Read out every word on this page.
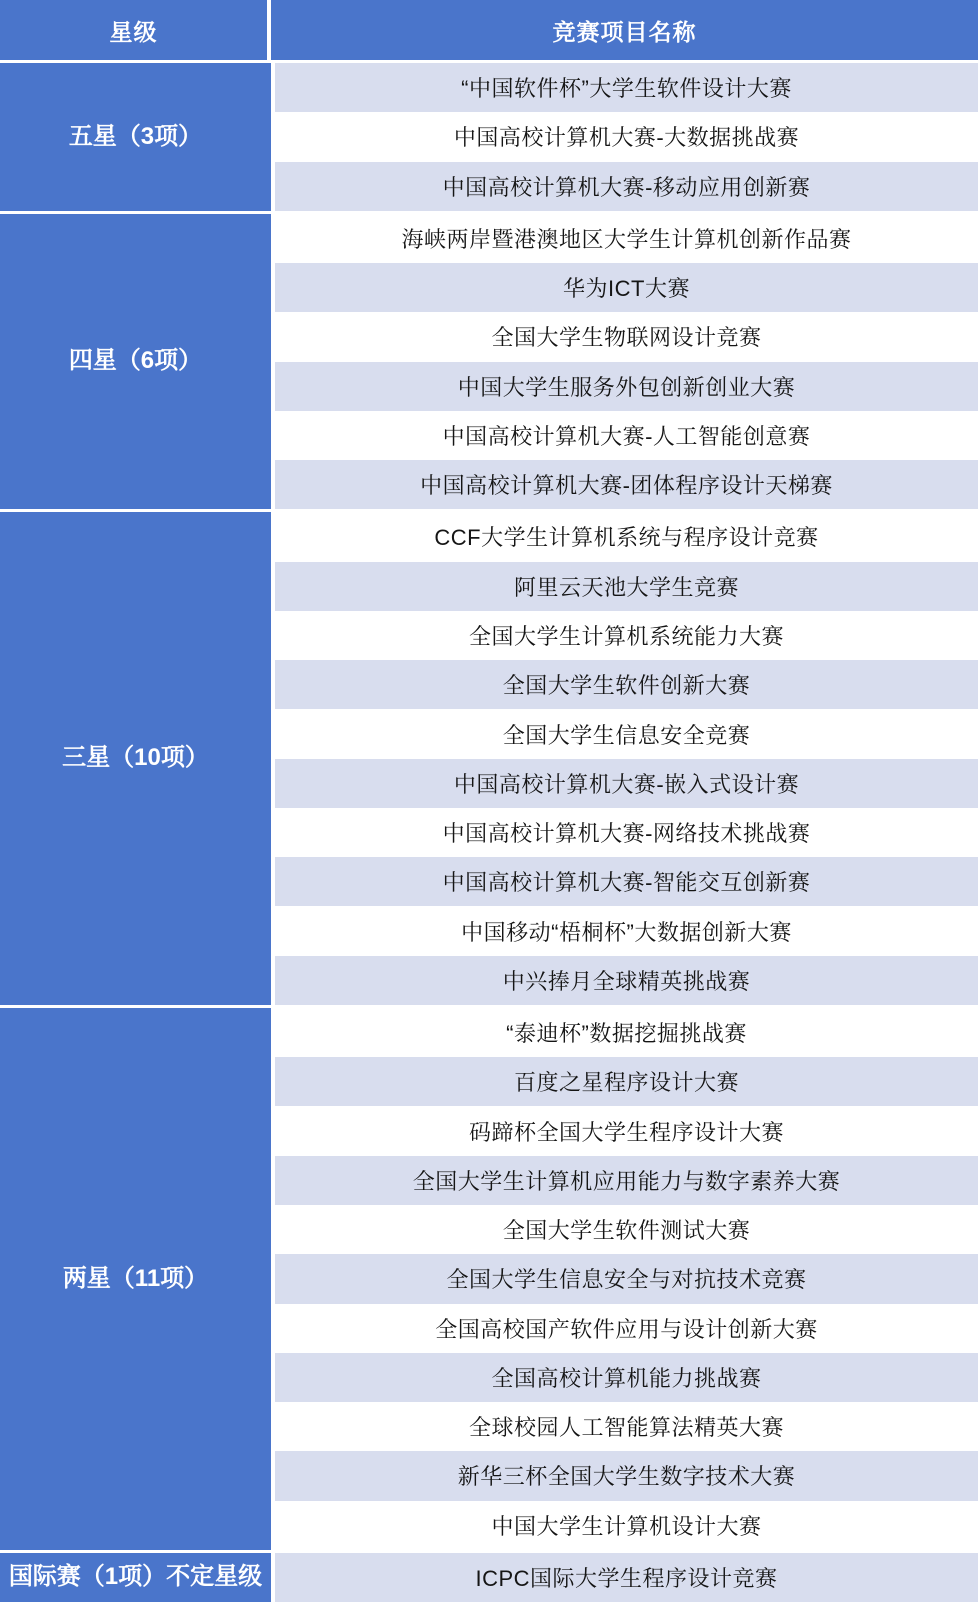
星级	竞赛项目名称
五星（3项）
“中国软件杯”大学生软件设计大赛
中国高校计算机大赛-大数据挑战赛
中国高校计算机大赛-移动应用创新赛
四星（6项）
海峡两岸暨港澳地区大学生计算机创新作品赛
华为ICT大赛
全国大学生物联网设计竞赛
中国大学生服务外包创新创业大赛
中国高校计算机大赛-人工智能创意赛
中国高校计算机大赛-团体程序设计天梯赛
三星（10项）
CCF大学生计算机系统与程序设计竞赛
阿里云天池大学生竞赛
全国大学生计算机系统能力大赛
全国大学生软件创新大赛
全国大学生信息安全竞赛
中国高校计算机大赛-嵌入式设计赛
中国高校计算机大赛-网络技术挑战赛
中国高校计算机大赛-智能交互创新赛
中国移动“梧桐杯”大数据创新大赛
中兴捧月全球精英挑战赛
两星（11项）
“泰迪杯”数据挖掘挑战赛
百度之星程序设计大赛
码蹄杯全国大学生程序设计大赛
全国大学生计算机应用能力与数字素养大赛
全国大学生软件测试大赛
全国大学生信息安全与对抗技术竞赛
全国高校国产软件应用与设计创新大赛
全国高校计算机能力挑战赛
全球校园人工智能算法精英大赛
新华三杯全国大学生数字技术大赛
中国大学生计算机设计大赛
国际赛（1项）不定星级	ICPC国际大学生程序设计竞赛
